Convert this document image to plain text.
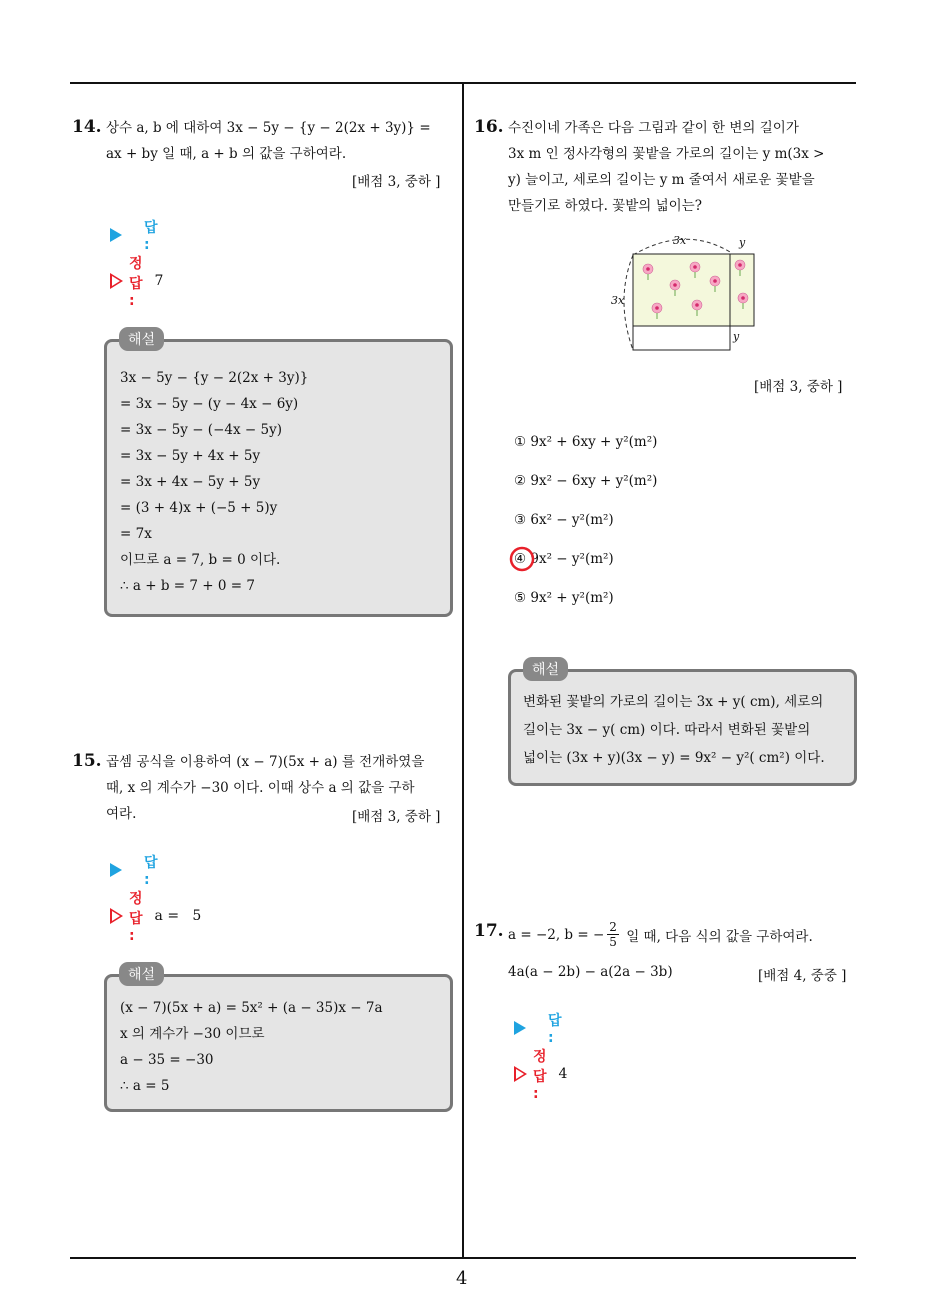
14. 상수 a, b 에 대하여 3x − 5y − {y − 2(2x + 3y)} =
ax + by 일 때, a + b 의 값을 구하여라.
[배점 3, 중하 ]
답 :
정답 :
7
해설
3x − 5y − {y − 2(2x + 3y)}
= 3x − 5y − (y − 4x − 6y)
= 3x − 5y − (−4x − 5y)
= 3x − 5y + 4x + 5y
= 3x + 4x − 5y + 5y
= (3 + 4)x + (−5 + 5)y
= 7x
이므로 a = 7, b = 0 이다.
∴ a + b = 7 + 0 = 7
15. 곱셈 공식을 이용하여 (x − 7)(5x + a) 를 전개하였을
때, x 의 계수가 −30 이다. 이때 상수 a 의 값을 구하
여라.	[배점 3, 중하 ]
답 :
정답 :
a =   5
해설
(x − 7)(5x + a) = 5x² + (a − 35)x − 7a
x 의 계수가 −30 이므로
a − 35 = −30
∴ a = 5
16. 수진이네 가족은 다음 그림과 같이 한 변의 길이가
3x m 인 정사각형의 꽃밭을 가로의 길이는 y m(3x >
y) 늘이고, 세로의 길이는 y m 줄여서 새로운 꽃밭을
만들기로 하였다. 꽃밭의 넓이는?
3x	y
3x
y
[배점 3, 중하 ]
① 9x² + 6xy + y²(m²)
② 9x² − 6xy + y²(m²)
③ 6x² − y²(m²)
④ 9x² − y²(m²)
⑤ 9x² + y²(m²)
해설
변화된 꽃밭의 가로의 길이는 3x + y( cm), 세로의
길이는 3x − y( cm) 이다. 따라서 변화된 꽃밭의
넓이는 (3x + y)(3x − y) = 9x² − y²( cm²) 이다.
17. a = −2, b = − $\frac{2}{5}$ 일 때, 다음 식의 값을 구하여라.
4a(a − 2b) − a(2a − 3b)	[배점 4, 중중 ]
답 :
정답 :
4
4
